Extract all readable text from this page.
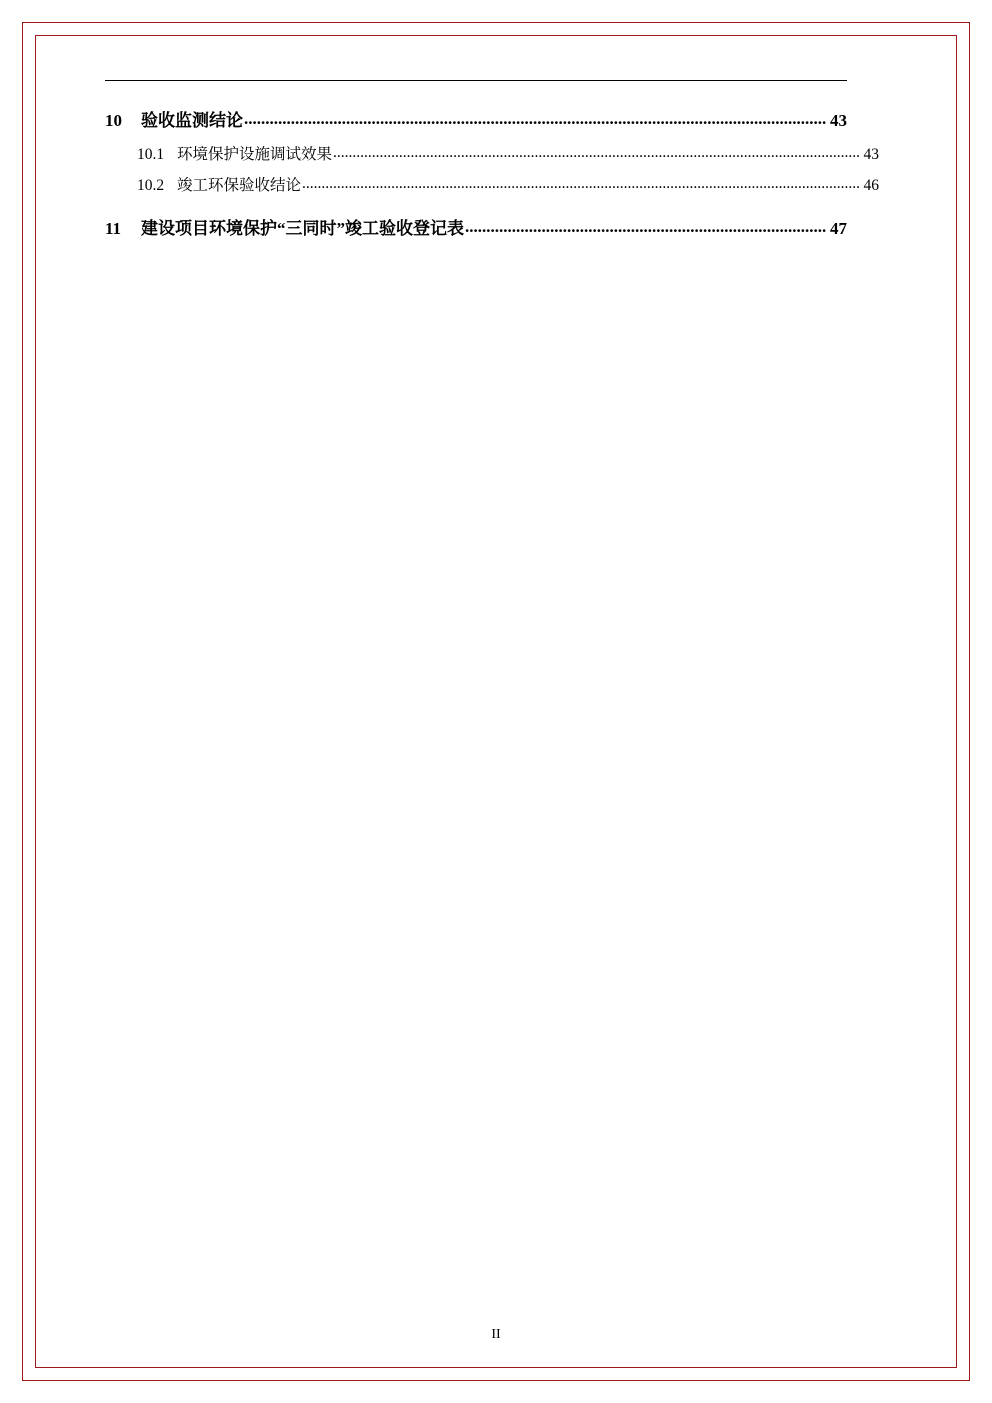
10	验收监测结论 .....	43
10.1 环境保护设施调试效果 .....	43
10.2 竣工环保验收结论 .....	46
11	建设项目环境保护“三同时”竣工验收登记表 .....	47
II
